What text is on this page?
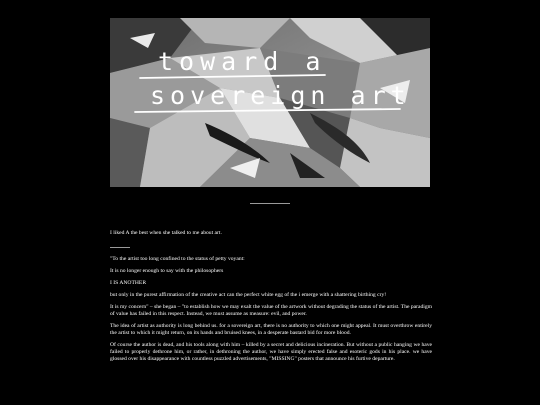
toward a
sovereign art

I liked A the best when she talked to me about art.

"To the artist too long confined to the status of petty voyant:

It is no longer enough to say with the philosophers

I IS ANOTHER

but only in the purest affirmation of the creative act can the perfect white egg of the i emerge with a shattering birthing cry!

It is my concern" – she began – "to establish how we may exalt the value of the artwork without degrading the status of the artist. The paradigm of value has failed in this respect. Instead, we must assume as measure: evil, and power.

The idea of artist as authority is long behind us. for a sovereign art, there is no authority to which one might appeal. It must overthrow entirely the artist to which it might return, on its hands and bruised knees, in a desperate bastard bid for more blood.

Of course the author is dead, and his tools along with him – killed by a secret and delicious incineration. But without a public hanging we have failed to properly dethrone him, or rather, in dethroning the author, we have simply erected false and esoteric gods in his place. we have glossed over his disappearance with countless puzzled advertisements, "MISSING" posters that announce his furtive departure.
